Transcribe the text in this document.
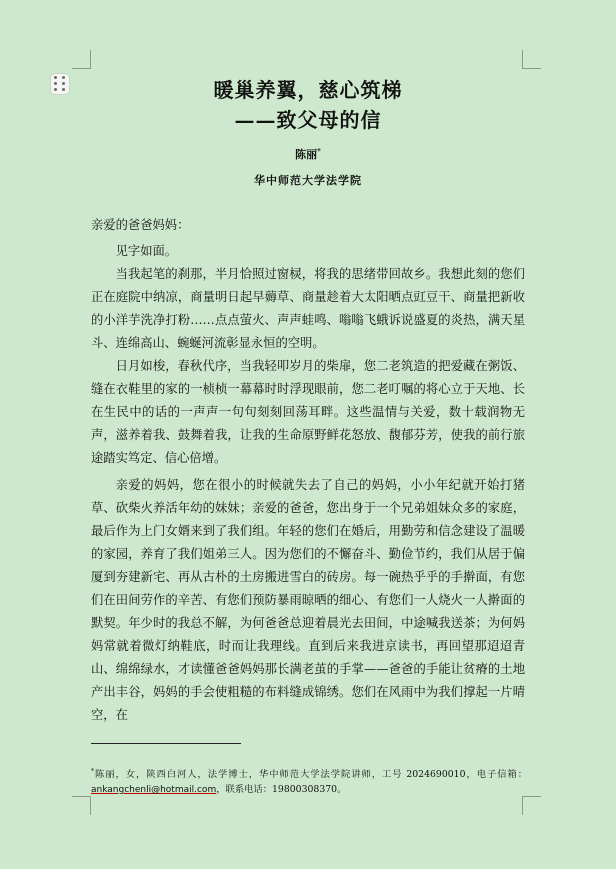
暖巢养翼，慈心筑梯
——致父母的信
陈丽*
华中师范大学法学院

亲爱的爸爸妈妈：

见字如面。

当我起笔的刹那，半月恰照过窗棂，将我的思绪带回故乡。我想此刻的您们正在庭院中纳凉，商量明日起早薅草、商量趁着大太阳晒点豇豆干、商量把新收的小洋芋洗净打粉……点点萤火、声声蛙鸣、嗡嗡飞蛾诉说盛夏的炎热，满天星斗、连绵高山、蜿蜒河流彰显永恒的空明。

日月如梭，春秋代序，当我轻叩岁月的柴扉，您二老筑造的把爱藏在粥饭、缝在衣鞋里的家的一桢桢一幕幕时时浮现眼前，您二老叮嘱的将心立于天地、长在生民中的话的一声声一句句刻刻回荡耳畔。这些温情与关爱，数十载润物无声，滋养着我、鼓舞着我，让我的生命原野鲜花怒放、馥郁芬芳，使我的前行旅途踏实笃定、信心倍增。

亲爱的妈妈，您在很小的时候就失去了自己的妈妈，小小年纪就开始打猪草、砍柴火养活年幼的妹妹；亲爱的爸爸，您出身于一个兄弟姐妹众多的家庭，最后作为上门女婿来到了我们组。年轻的您们在婚后，用勤劳和信念建设了温暖的家园，养育了我们姐弟三人。因为您们的不懈奋斗、勤俭节约，我们从居于偏厦到夯建新宅、再从古朴的土房搬进雪白的砖房。每一碗热乎乎的手擀面，有您们在田间劳作的辛苦、有您们预防暴雨晾晒的细心、有您们一人烧火一人擀面的默契。年少时的我总不解，为何爸爸总迎着晨光去田间，中途喊我送茶；为何妈妈常就着微灯纳鞋底，时而让我理线。直到后来我进京读书，再回望那迢迢青山、绵绵绿水，才读懂爸爸妈妈那长满老茧的手掌——爸爸的手能让贫瘠的土地产出丰谷，妈妈的手会使粗糙的布料缝成锦绣。您们在风雨中为我们撑起一片晴空，在

*陈丽，女，陕西白河人，法学博士，华中师范大学法学院讲师，工号 2024690010，电子信箱：ankangchenli@hotmail.com，联系电话：19800308370。
